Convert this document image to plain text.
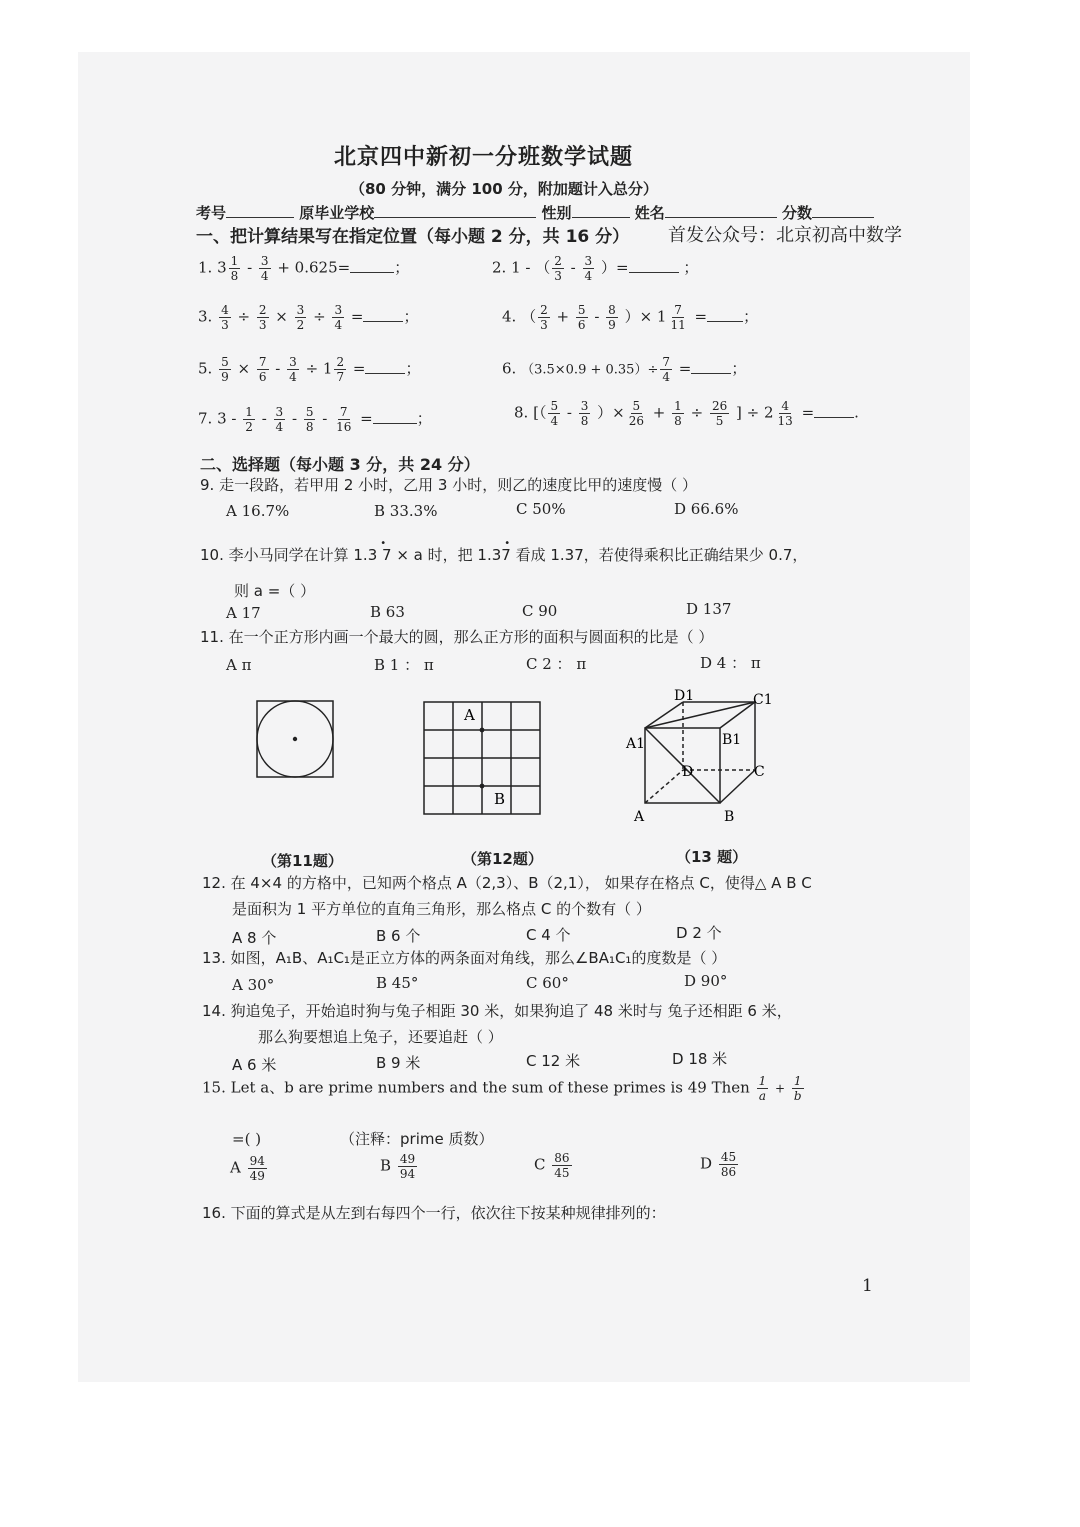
北京四中新初一分班数学试题
（80 分钟，满分 100 分，附加题计入总分）
考号	原毕业学校	性别	姓名	分数
一、把计算结果写在指定位置（每小题 2 分，共 16 分） 首发公众号：北京初高中数学
1. $3 \frac{1}{8} - \frac{3}{4} + 0.625=$	；	2. 1 - （ $\frac{2}{3} - \frac{3}{4}$ ）=	；
3. $\frac{4}{3} \div \frac{2}{3} \times \frac{3}{2} \div \frac{3}{4}$ =	；	4. （ $\frac{2}{3} + \frac{5}{6} - \frac{8}{9}$ ）× $1 \frac{7}{11}$ = ；
5. $\frac{5}{9} \times \frac{7}{6} - \frac{3}{4} \div 1 \frac{2}{7}$ =	；	6. $(3.5\times 0.9 + 0.35)\div \frac{7}{4}$ =	；
7. $3 - \frac{1}{2} - \frac{3}{4} - \frac{5}{8} - \frac{7}{16}$ =	；	8. [（ $\frac{5}{4} - \frac{3}{8}$ ）× $\frac{5}{26} + \frac{1}{8} \div \frac{26}{5}$ ] ÷ $2 \frac{4}{13}$ =	.
二、选择题（每小题 3 分，共 24 分）
9. 走一段路，若甲用 2 小时，乙用 3 小时，则乙的速度比甲的速度慢（ ）
A 16.7%	B 33.3%	C 50%	D 66.6%
10. 李小马同学在计算 1.3 7
•
× a 时，把 1.37
•
看成 1.37，若使得乘积比正确结果少 0.7，
则 a =（ ）
A 17	B 63	C 90	D 137
11. 在一个正方形内画一个最大的圆，那么正方形的面积与圆面积的比是（ ）
A π	B 1 ： π	C 2 ： π	D 4 ： π
A
B
D1	C1
A1	B1
D	C
A	B
（第11题）	（第12题）	（13 题）
12. 在 4×4 的方格中，已知两个格点 A（2,3）、B（2,1）， 如果存在格点 C，使得△ A B C
是面积为 1 平方单位的直角三角形，那么格点 C 的个数有（ ）
A 8 个	B 6 个	C 4 个	D 2 个
13. 如图，A₁B、A₁C₁是正立方体的两条面对角线，那么∠BA₁C₁的度数是（ ）
A 30°	B 45°	C 60°	D 90°
14. 狗追兔子，开始追时狗与兔子相距 30 米，如果狗追了 48 米时与 兔子还相距 6 米，
那么狗要想追上兔子，还要追赶（ ）
A 6 米	B 9 米	C 12 米	D 18 米
15. Let a、b are prime numbers and the sum of these primes is 49 Then $\frac{1}{a} + \frac{1}{b}$
=( )	（注释：prime 质数）
A $\frac{94}{49}$	B $\frac{49}{94}$	C $\frac{86}{45}$	D $\frac{45}{86}$
16. 下面的算式是从左到右每四个一行，依次往下按某种规律排列的：
1
